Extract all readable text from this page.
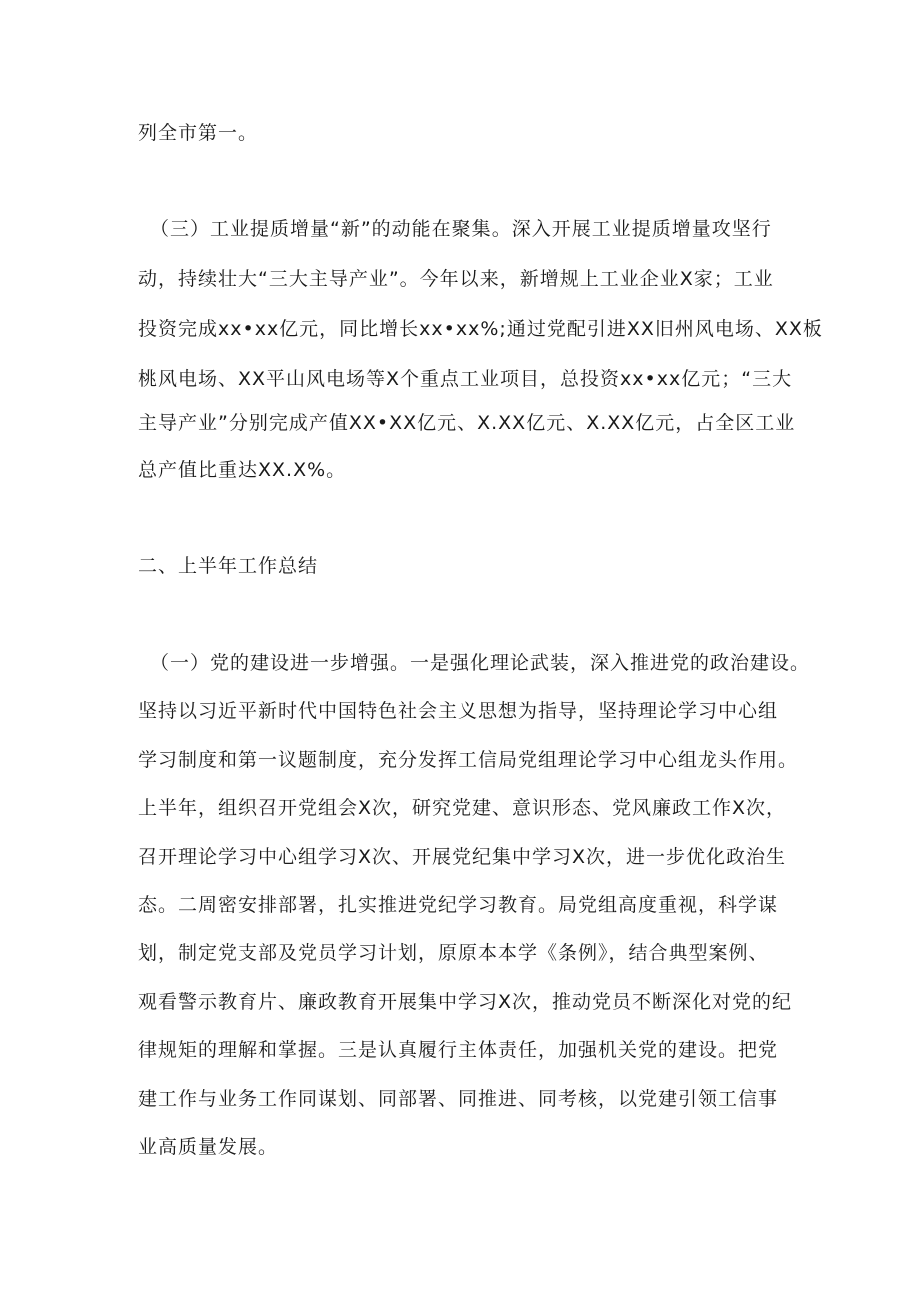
列全市第一。
（三）工业提质增量“新”的动能在聚集。深入开展工业提质增量攻坚行
动，持续壮大“三大主导产业”。今年以来，新增规上工业企业X家；工业
投资完成xx•xx亿元，同比增长xx•xx%;通过党配引进XX旧州风电场、XX板
桃风电场、XX平山风电场等X个重点工业项目，总投资xx•xx亿元；“三大
主导产业”分别完成产值XX•XX亿元、X.XX亿元、X.XX亿元，占全区工业
总产值比重达XX.X%。
二、上半年工作总结
（一）党的建设进一步增强。一是强化理论武装，深入推进党的政治建设。
坚持以习近平新时代中国特色社会主义思想为指导，坚持理论学习中心组
学习制度和第一议题制度，充分发挥工信局党组理论学习中心组龙头作用。
上半年，组织召开党组会X次，研究党建、意识形态、党风廉政工作X次，
召开理论学习中心组学习X次、开展党纪集中学习X次，进一步优化政治生
态。二周密安排部署，扎实推进党纪学习教育。局党组高度重视，科学谋
划，制定党支部及党员学习计划，原原本本学《条例》，结合典型案例、
观看警示教育片、廉政教育开展集中学习X次，推动党员不断深化对党的纪
律规矩的理解和掌握。三是认真履行主体责任，加强机关党的建设。把党
建工作与业务工作同谋划、同部署、同推进、同考核，以党建引领工信事
业高质量发展。
